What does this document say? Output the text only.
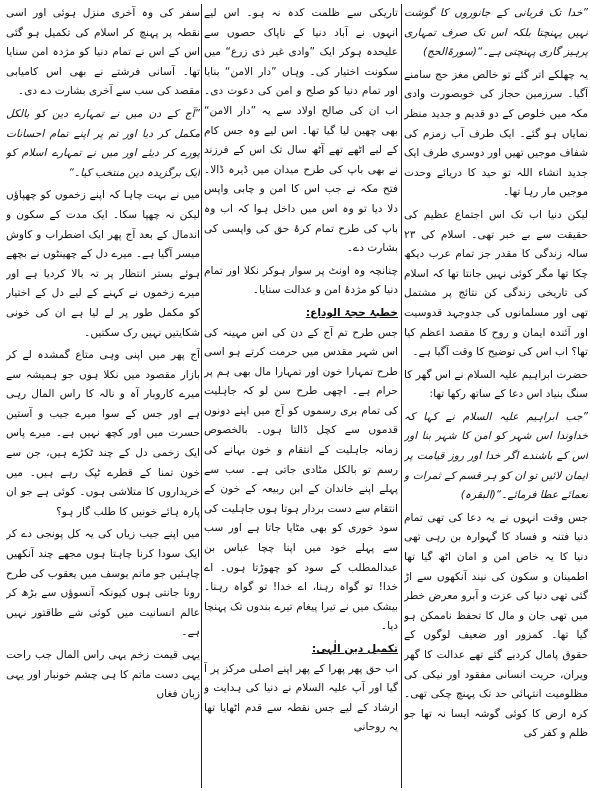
”خدا تک قربانی کے جانوروں کا گوشت نہیں پہنچتا بلکہ اس تک صرف تمہاری پرہیز گاری پہنچتی ہے۔“(سورۃالحج)

یہ چھلکے اتر گئے تو خالص مغز حج سامنے آگیا۔ سرزمین حجاز کی خوبصورت وادی مکہ میں خلوص کے دو قدیم و جدید منظر نمایاں ہو گئے۔ ایک طرف آب زمزم کی شفاف موجیں تھیں اور دوسری طرف ایک جدید انشاء اللہ تو حید کا دریائے وحدت موجیں مار رہا تھا۔

لیکن دنیا اب تک اس اجتماع عظیم کی حقیقت سے بے خبر تھی۔ اسلام کی ۲۳ سالہ زندگی کا مقدر جز تمام عرب دیکھ چکا تھا مگر کوئی نہیں جانتا تھا کہ اسلام کی تاریخی زندگی کن نتائج پر مشتمل تھی اور مسلمانوں کی جدوجہد قدوسیت اور آئندہ ایمان و روح کا مقصد اعظم کیا تھا؟ اب اس کی توضیح کا وقت آگیا ہے۔

حضرت ابراہیم علیہ السلام نے اس گھر کا سنگ بنیاد اس دعا کے ساتھ رکھا تھا:

”جب ابراہیم علیہ السلام نے کہا کہ خداوندا اس شہر کو امن کا شہر بنا اور اس کے باشندے اگر خدا اور روز قیامت پر ایمان لائیں تو ان کو ہر قسم کے ثمرات و نعمائے عطا فرمائے۔“(البقرہ)

جس وقت انہوں نے یہ دعا کی تھی تمام دنیا فتنہ و فساد کا گہوارہ بن رہی تھی دنیا کا یہ خاص امن و امان اٹھ گیا تھا اطمینان و سکون کی نیند آنکھوں سے اڑ گئی تھی دنیا کی عزت و آبرو معرض خطر میں تھی جان و مال کا تحفظ ناممکن ہو گیا تھا۔ کمزور اور ضعیف لوگوں کے حقوق پامال کردیے گئے تھے عدالت کا گھر ویران، حریت انسانی مفقود اور نیکی کی مظلومیت انتہائی حد تک پہنچ چکی تھی۔ کرہ ارض کا کوئی گوشہ ایسا نہ تھا جو ظلم و کفر کی

تاریکی سے ظلمت کدہ نہ ہو۔ اس لیے انہوں نے آباد دنیا کے ناپاک حصوں سے علیحدہ ہوکر ایک ”وادی غیر ذی زرع“ میں سکونت اختیار کی۔ وہاں ”دار الامن“ بنایا اور تمام دنیا کو صلح و امن کی دعوت دی۔ اب ان کی صالح اولاد سے یہ ”دار الامن“ بھی چھین لیا گیا تھا۔ اس لیے وہ جس کام کے لیے اٹھے تھے آٹھ سال تک اس کے فرزند نے بھی باپ کی طرح میدان میں ڈیرہ ڈالا۔ فتح مکہ نے جب اس کا امن و چابی واپس دلا دیا تو وہ اس میں داخل ہوا کہ اب وہ باپ کی طرح تمام کرۂ حق کی واپسی کی بشارت دے۔

چنانچہ وہ اونٹ پر سوار ہوکر نکلا اور تمام دنیا کو مژدۂ امن و عدالت سنایا۔

خطبۂ حجۃ الوداع:

جس طرح تم آج کے دن کی اس مہینہ کی اس شہر مقدس میں حرمت کرتے ہو اسی طرح تمہارا خون اور تمہارا مال بھی ہم پر حرام ہے۔ اچھی طرح سن لو کہ جاہلیت کی تمام بری رسموں کو آج میں اپنے دونوں قدموں سے کچل ڈالتا ہوں۔ بالخصوص زمانہ جاہلیت کے انتقام و خون بہانے کی رسم تو بالکل مٹادی جاتی ہے۔ سب سے پہلے اپنے خاندان کے ابن ربیعہ کے خون کے انتقام سے دست بردار ہوتا ہوں جاہلیت کی سود خوری کو بھی مٹایا جاتا ہے اور سب سے پہلے خود میں اپنا چچا عباس بن عبدالمطلب کے سود کو چھوڑتا ہوں۔ اے خدا! تو گواہ رہنا، اے خدا! تو گواہ رہنا۔ بیشک میں نے تیرا پیغام تیرے بندوں تک پہنچا دیا۔

تکمیل دین الٰہی:

اب حق پھر پھرا کے پھر اپنے اصلی مرکز پر آ گیا اور آپ علیہ السلام نے دنیا کی ہدایت و ارشاد کے لیے جس نقطہ سے قدم اٹھایا تھا یہ روحانی

سفر کی وہ آخری منزل ہوئی اور اسی نقطہ پر پہنچ کر اسلام کی تکمیل ہو گئی اس کے اس نے تمام دنیا کو مژدہ امن سنایا تھا۔ آسانی فرشتے نے بھی اس کامیابی مقصد کی سب سے آخری بشارت دے دی۔

”آج کے دن میں نے تمہارے دین کو بالکل مکمل کر دیا اور تم پر اپنے تمام احسانات پورے کر دیئے اور میں نے تمہارے اسلام کو ایک برگزیدہ دین منتخب کیا۔“

میں نے بہت چاہا کہ اپنے زخموں کو چھپاؤں لیکن نہ چھپا سکا۔ ایک مدت کے سکون و اندمال کے بعد آج پھر ایک اضطراب و کاوش میسر آگیا ہے۔ میرے دل کے چھینٹوں نے بچھے ہوئے بستر انتظار پر تہ بالا کردیا ہے اور میرے زخموں نے کہنے کے لیے دل کے اختیار کو مکمل طور پر لے لیا ہے ان کی خونی شکایتیں نہیں رک سکتیں۔

آج پھر میں اپنی وہی متاع گمشدہ لے کر بازار مقصود میں نکلا ہوں جو ہمیشہ سے میرے کاروبار آہ و نالہ کا راس المال رہی ہے اور جس کے سوا میرے جیب و آستین حسرت میں اور کچھ نہیں ہے۔ میرے پاس ایک زخمی دل کے چند ٹکڑے ہیں، جن سے خون تمنا کے قطرے ٹپک رہے ہیں۔ میں خریداروں کا متلاشی ہوں۔ کوئی ہے جو ان پارہ ہائے خونیں کا طلب گار ہو؟

میں اپنے جیب زیاں کی یہ کل پونجی دے کر ایک سودا کرنا چاہتا ہوں مجھے چند آنکھیں چاہئیں جو ماتم یوسف میں یعقوب کی طرح رونا جانتی ہوں کیونکہ آنسوؤں سے بڑھ کر عالم انسانیت میں کوئی شے طاقتور نہیں ہے۔

یہی قیمت زخم یہی راس المال جب راحت یہی دست ماتم کا ہی چشم خونبار اور یہی زبان فغاں
